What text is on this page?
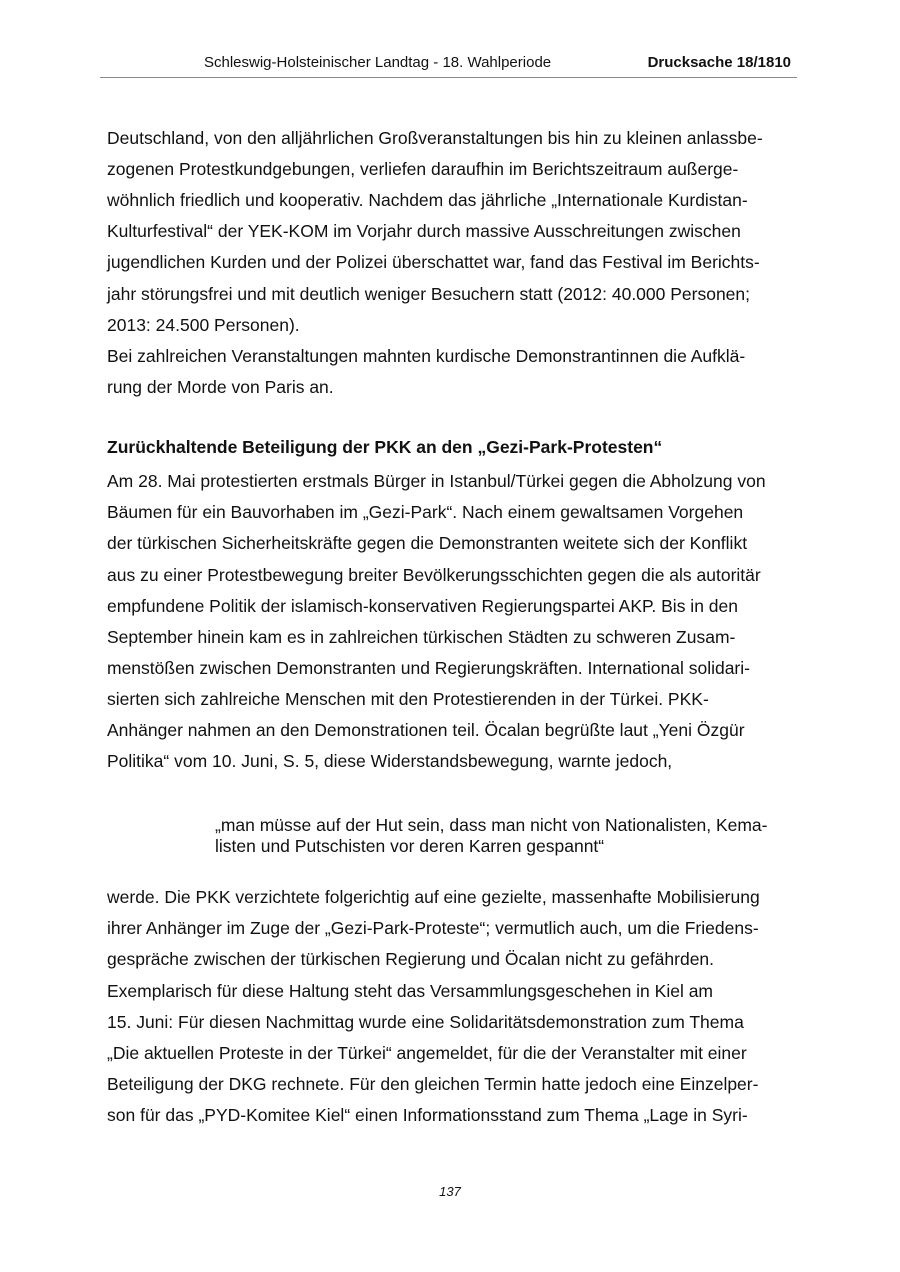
Schleswig-Holsteinischer Landtag - 18. Wahlperiode	Drucksache 18/1810
Deutschland, von den alljährlichen Großveranstaltungen bis hin zu kleinen anlassbe-
zogenen Protestkundgebungen, verliefen daraufhin im Berichtszeitraum außerge-
wöhnlich friedlich und kooperativ. Nachdem das jährliche „Internationale Kurdistan-
Kulturfestival“ der YEK-KOM im Vorjahr durch massive Ausschreitungen zwischen
jugendlichen Kurden und der Polizei überschattet war, fand das Festival im Berichts-
jahr störungsfrei und mit deutlich weniger Besuchern statt (2012: 40.000 Personen;
2013: 24.500 Personen).
Bei zahlreichen Veranstaltungen mahnten kurdische Demonstrantinnen die Aufklä-
rung der Morde von Paris an.
Zurückhaltende Beteiligung der PKK an den „Gezi-Park-Protesten“
Am 28. Mai protestierten erstmals Bürger in Istanbul/Türkei gegen die Abholzung von
Bäumen für ein Bauvorhaben im „Gezi-Park“. Nach einem gewaltsamen Vorgehen
der türkischen Sicherheitskräfte gegen die Demonstranten weitete sich der Konflikt
aus zu einer Protestbewegung breiter Bevölkerungsschichten gegen die als autoritär
empfundene Politik der islamisch-konservativen Regierungspartei AKP. Bis in den
September hinein kam es in zahlreichen türkischen Städten zu schweren Zusam-
menstößen zwischen Demonstranten und Regierungskräften. International solidari-
sierten sich zahlreiche Menschen mit den Protestierenden in der Türkei. PKK-
Anhänger nahmen an den Demonstrationen teil. Öcalan begrüßte laut „Yeni Özgür
Politika“ vom 10. Juni, S. 5, diese Widerstandsbewegung, warnte jedoch,
„man müsse auf der Hut sein, dass man nicht von Nationalisten, Kema-
listen und Putschisten vor deren Karren gespannt“
werde. Die PKK verzichtete folgerichtig auf eine gezielte, massenhafte Mobilisierung
ihrer Anhänger im Zuge der „Gezi-Park-Proteste“; vermutlich auch, um die Friedens-
gespräche zwischen der türkischen Regierung und Öcalan nicht zu gefährden.
Exemplarisch für diese Haltung steht das Versammlungsgeschehen in Kiel am
15. Juni: Für diesen Nachmittag wurde eine Solidaritätsdemonstration zum Thema
„Die aktuellen Proteste in der Türkei“ angemeldet, für die der Veranstalter mit einer
Beteiligung der DKG rechnete. Für den gleichen Termin hatte jedoch eine Einzelper-
son für das „PYD-Komitee Kiel“ einen Informationsstand zum Thema „Lage in Syri-
137
